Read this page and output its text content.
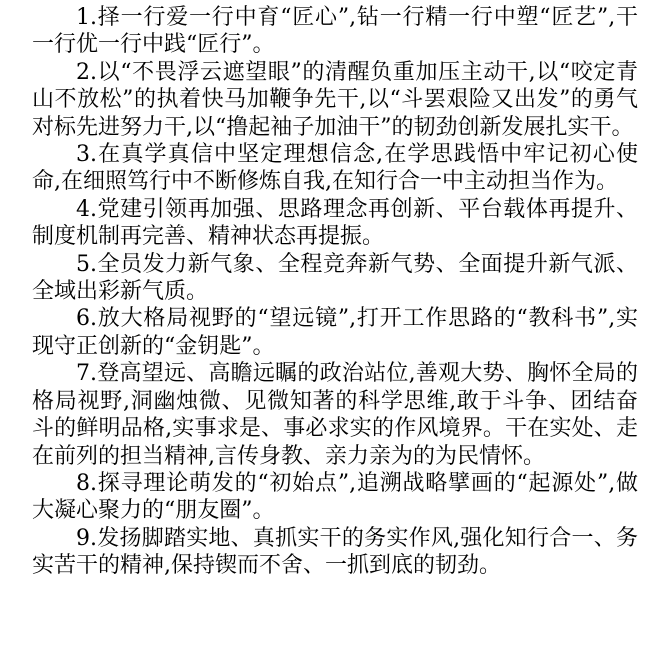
1.择一行爱一行中育“匠心”,钻一行精一行中塑“匠艺”,干一行优一行中践“匠行”。

2.以“不畏浮云遮望眼”的清醒负重加压主动干,以“咬定青山不放松”的执着快马加鞭争先干,以“斗罢艰险又出发”的勇气对标先进努力干,以“撸起袖子加油干”的韧劲创新发展扎实干。

3.在真学真信中坚定理想信念,在学思践悟中牢记初心使命,在细照笃行中不断修炼自我,在知行合一中主动担当作为。

4.党建引领再加强、思路理念再创新、平台载体再提升、制度机制再完善、精神状态再提振。

5.全员发力新气象、全程竞奔新气势、全面提升新气派、全域出彩新气质。

6.放大格局视野的“望远镜”,打开工作思路的“教科书”,实现守正创新的“金钥匙”。

7.登高望远、高瞻远瞩的政治站位,善观大势、胸怀全局的格局视野,洞幽烛微、见微知著的科学思维,敢于斗争、团结奋斗的鲜明品格,实事求是、事必求实的作风境界。干在实处、走在前列的担当精神,言传身教、亲力亲为的为民情怀。

8.探寻理论萌发的“初始点”,追溯战略擘画的“起源处”,做大凝心聚力的“朋友圈”。

9.发扬脚踏实地、真抓实干的务实作风,强化知行合一、务实苦干的精神,保持锲而不舍、一抓到底的韧劲。
